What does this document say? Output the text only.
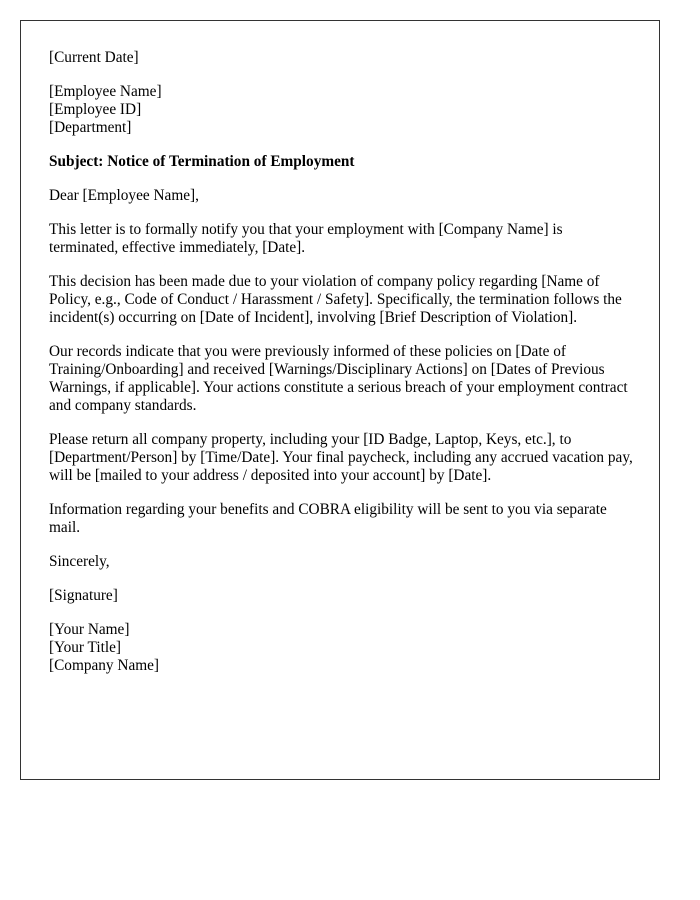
[Current Date]
[Employee Name]
[Employee ID]
[Department]
Subject: Notice of Termination of Employment
Dear [Employee Name],
This letter is to formally notify you that your employment with [Company Name] is terminated, effective immediately, [Date].
This decision has been made due to your violation of company policy regarding [Name of Policy, e.g., Code of Conduct / Harassment / Safety]. Specifically, the termination follows the incident(s) occurring on [Date of Incident], involving [Brief Description of Violation].
Our records indicate that you were previously informed of these policies on [Date of Training/Onboarding] and received [Warnings/Disciplinary Actions] on [Dates of Previous Warnings, if applicable]. Your actions constitute a serious breach of your employment contract and company standards.
Please return all company property, including your [ID Badge, Laptop, Keys, etc.], to [Department/Person] by [Time/Date]. Your final paycheck, including any accrued vacation pay, will be [mailed to your address / deposited into your account] by [Date].
Information regarding your benefits and COBRA eligibility will be sent to you via separate mail.
Sincerely,
[Signature]
[Your Name]
[Your Title]
[Company Name]
